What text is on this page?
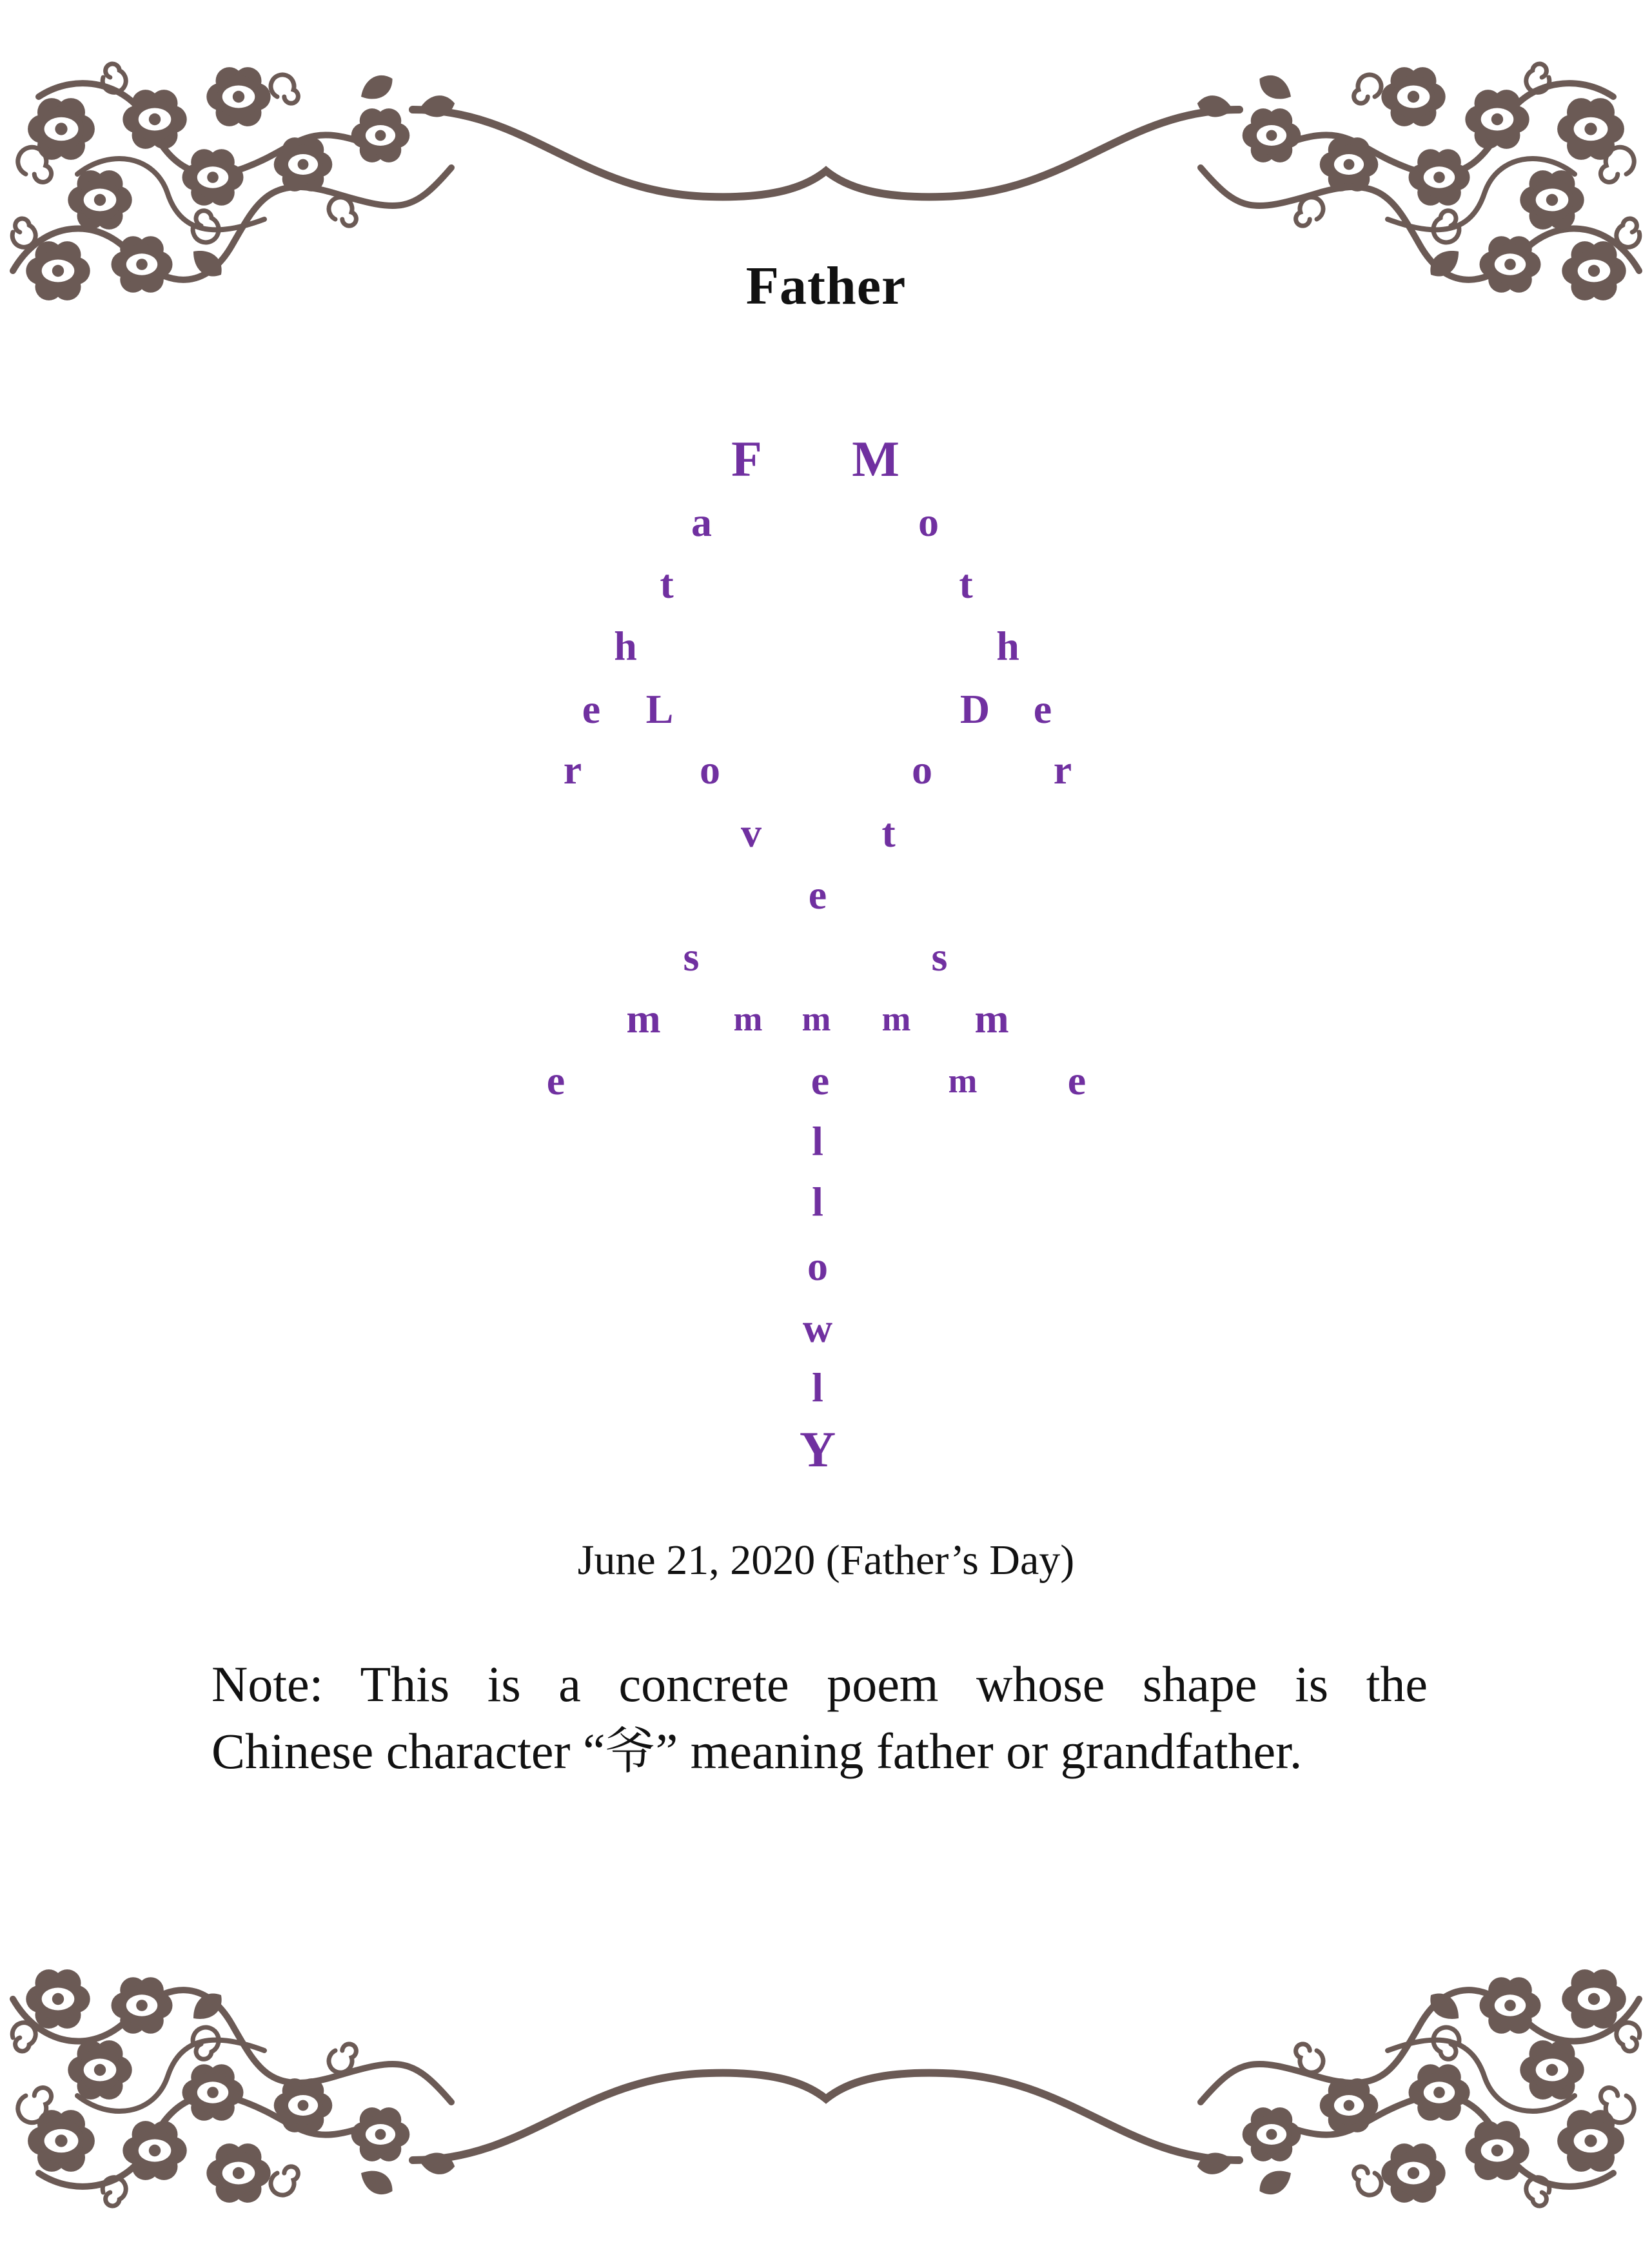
Father
F M
a	o
t	t
h	h
e L	D e
r	o	o	r
v	t
e
s	s
m m m m m
e	e	m e
l
l
o
w
l
Y
June 21, 2020 (Father’s Day)
Note: This is a concrete poem whose shape is the
Chinese character “爷” meaning father or grandfather.
